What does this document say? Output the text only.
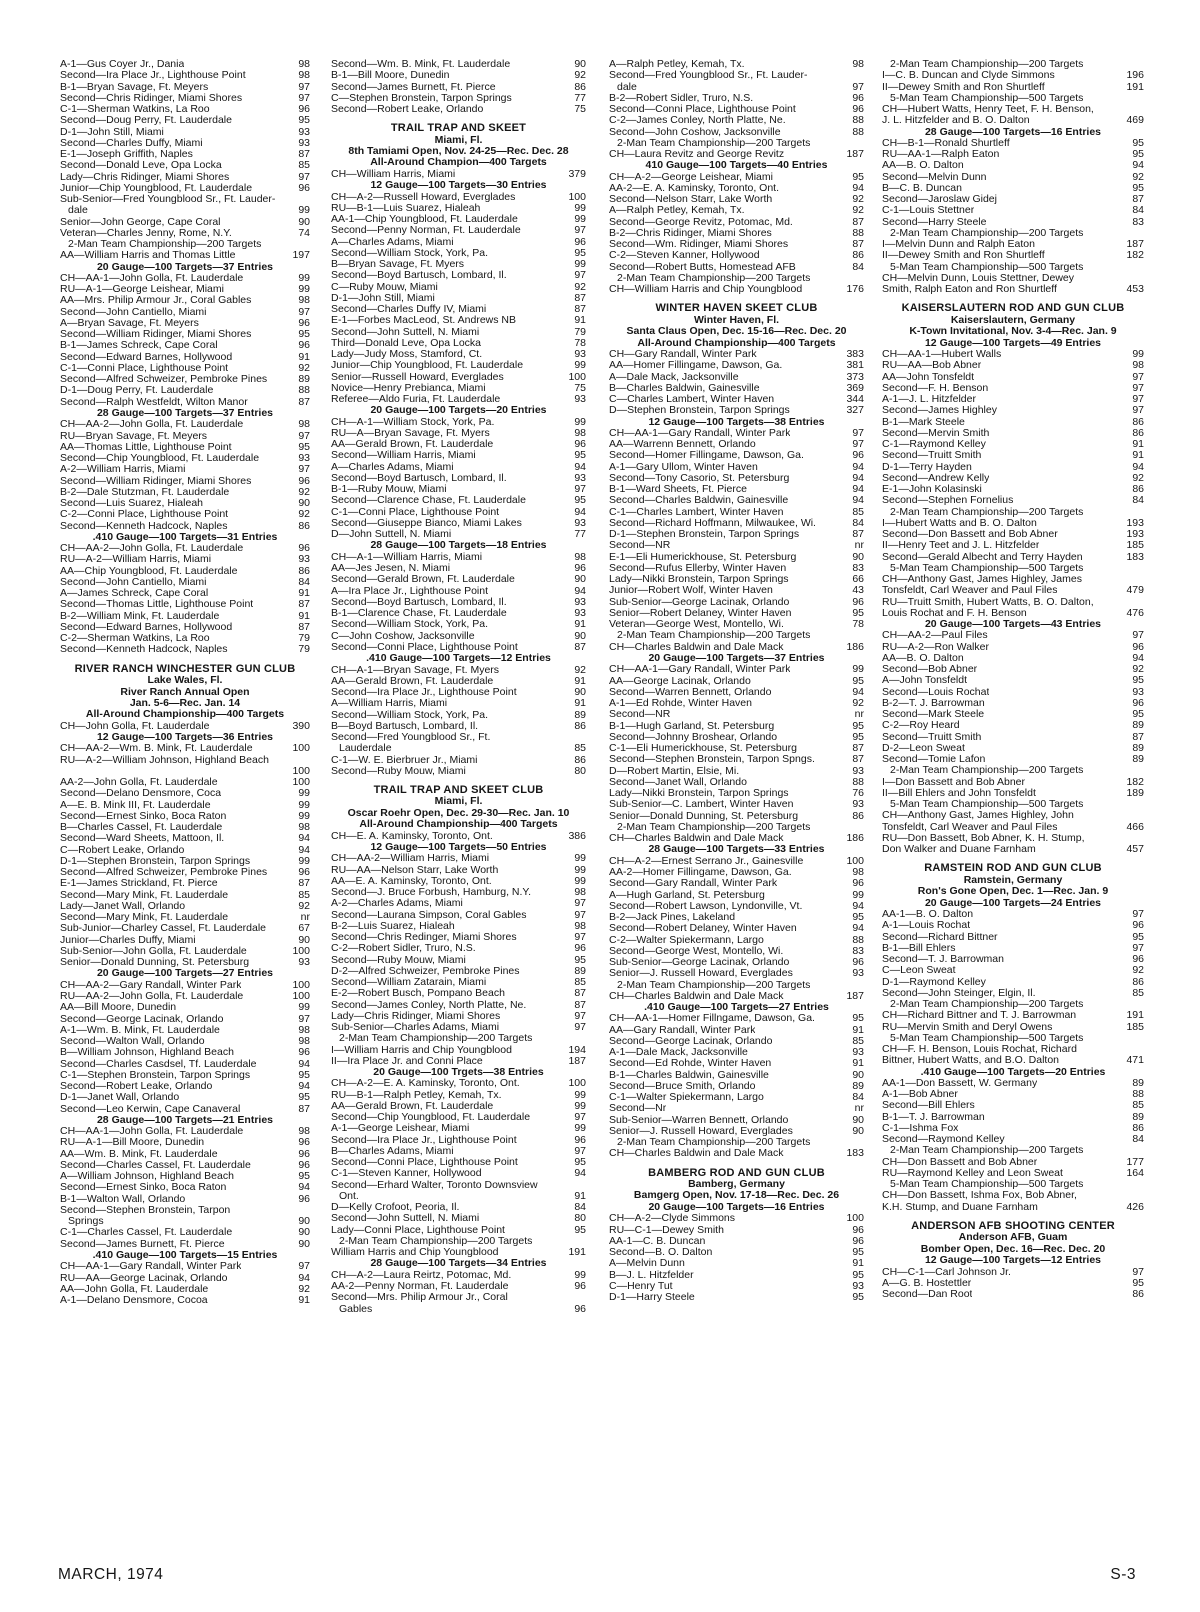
A-1—Gus Coyer Jr., Dania	98
Second—Ira Place Jr., Lighthouse Point	98
B-1—Bryan Savage, Ft. Meyers	97
Second—Chris Ridinger, Miami Shores	97
C-1—Sherman Watkins, La Roo	96
Second—Doug Perry, Ft. Lauderdale	95
D-1—John Still, Miami	93
Second—Charles Duffy, Miami	93
E-1—Joseph Griffith, Naples	87
Second—Donald Leve, Opa Locka	85
Lady—Chris Ridinger, Miami Shores	97
Junior—Chip Youngblood, Ft. Lauderdale	96
Sub-Senior—Fred Youngblood Sr., Ft. Lauder-
dale	99
Senior—John George, Cape Coral	90
Veteran—Charles Jenny, Rome, N.Y.	74
2-Man Team Championship—200 Targets
AA—William Harris and Thomas Little	197
20 Gauge—100 Targets—37 Entries
CH—AA-1—John Golla, Ft. Lauderdale	99
RU—A-1—George Leishear, Miami	99
AA—Mrs. Philip Armour Jr., Coral Gables	98
Second—John Cantiello, Miami	97
A—Bryan Savage, Ft. Meyers	96
Second—William Ridinger, Miami Shores	95
B-1—James Schreck, Cape Coral	96
Second—Edward Barnes, Hollywood	91
C-1—Conni Place, Lighthouse Point	92
Second—Alfred Schweizer, Pembroke Pines	89
D-1—Doug Perry, Ft. Lauderdale	88
Second—Ralph Westfeldt, Wilton Manor	87
28 Gauge—100 Targets—37 Entries
CH—AA-2—John Golla, Ft. Lauderdale	98
RU—Bryan Savage, Ft. Meyers	97
AA—Thomas Little, Lighthouse Point	95
Second—Chip Youngblood, Ft. Lauderdale	93
A-2—William Harris, Miami	97
Second—William Ridinger, Miami Shores	96
B-2—Dale Stutzman, Ft. Lauderdale	92
Second—Luis Suarez, Hialeah	90
C-2—Conni Place, Lighthouse Point	92
Second—Kenneth Hadcock, Naples	86
.410 Gauge—100 Targets—31 Entries
CH—AA-2—John Golla, Ft. Lauderdale	96
RU—A-2—William Harris, Miami	93
AA—Chip Youngblood, Ft. Lauderdale	86
Second—John Cantiello, Miami	84
A—James Schreck, Cape Coral	91
Second—Thomas Little, Lighthouse Point	87
B-2—William Mink, Ft. Lauderdale	91
Second—Edward Barnes, Hollywood	87
C-2—Sherman Watkins, La Roo	79
Second—Kenneth Hadcock, Naples	79
RIVER RANCH WINCHESTER GUN CLUB
Lake Wales, Fl.
River Ranch Annual Open
Jan. 5-6—Rec. Jan. 14
All-Around Championship—400 Targets
CH—John Golla, Ft. Lauderdale	390
12 Gauge—100 Targets—36 Entries
CH—AA-2—Wm. B. Mink, Ft. Lauderdale	100
RU—A-2—William Johnson, Highland Beach
100
AA-2—John Golla, Ft. Lauderdale	100
Second—Delano Densmore, Coca	99
A—E. B. Mink III, Ft. Lauderdale	99
Second—Ernest Sinko, Boca Raton	99
B—Charles Cassel, Ft. Lauderdale	98
Second—Ward Sheets, Mattoon, Il.	94
C—Robert Leake, Orlando	94
D-1—Stephen Bronstein, Tarpon Springs	99
Second—Alfred Schweizer, Pembroke Pines	96
E-1—James Strickland, Ft. Pierce	87
Second—Mary Mink, Ft. Lauderdale	85
Lady—Janet Wall, Orlando	92
Second—Mary Mink, Ft. Lauderdale	nr
Sub-Junior—Charley Cassel, Ft. Lauderdale	67
Junior—Charles Duffy, Miami	90
Sub-Senior—John Golla, Ft. Lauderdale	100
Senior—Donald Dunning, St. Petersburg	93
20 Gauge—100 Targets—27 Entries
CH—AA-2—Gary Randall, Winter Park	100
RU—AA-2—John Golla, Ft. Lauderdale	100
AA—Bill Moore, Dunedin	99
Second—George Lacinak, Orlando	97
A-1—Wm. B. Mink, Ft. Lauderdale	98
Second—Walton Wall, Orlando	98
B—William Johnson, Highland Beach	96
Second—Charles Casdsel, Tf. Lauderdale	94
C-1—Stephen Bronstein, Tarpon Springs	95
Second—Robert Leake, Orlando	94
D-1—Janet Wall, Orlando	95
Second—Leo Kerwin, Cape Canaveral	87
28 Gauge—100 Targets—21 Entries
CH—AA-1—John Golla, Ft. Lauderdale	98
RU—A-1—Bill Moore, Dunedin	96
AA—Wm. B. Mink, Ft. Lauderdale	96
Second—Charles Cassel, Ft. Lauderdale	96
A—William Johnson, Highland Beach	95
Second—Ernest Sinko, Boca Raton	94
B-1—Walton Wall, Orlando	96
Second—Stephen Bronstein, Tarpon
Springs	90
C-1—Charles Cassel, Ft. Lauderdale	90
Second—James Burnett, Ft. Pierce	90
.410 Gauge—100 Targets—15 Entries
CH—AA-1—Gary Randall, Winter Park	97
RU—AA—George Lacinak, Orlando	94
AA—John Golla, Ft. Lauderdale	92
A-1—Delano Densmore, Cocoa	91
Second—Wm. B. Mink, Ft. Lauderdale	90
B-1—Bill Moore, Dunedin	92
Second—James Burnett, Ft. Pierce	86
C—Stephen Bronstein, Tarpon Springs	77
Second—Robert Leake, Orlando	75
TRAIL TRAP AND SKEET
Miami, Fl.
8th Tamiami Open, Nov. 24-25—Rec. Dec. 28
All-Around Champion—400 Targets
CH—William Harris, Miami	379
12 Gauge—100 Targets—30 Entries
CH—A-2—Russell Howard, Everglades	100
RU—B-1—Luis Suarez, Hialeah	99
AA-1—Chip Youngblood, Ft. Lauderdale	99
Second—Penny Norman, Ft. Lauderdale	97
A—Charles Adams, Miami	96
Second—William Stock, York, Pa.	95
B—Bryan Savage, Ft. Myers	99
Second—Boyd Bartusch, Lombard, Il.	97
C—Ruby Mouw, Miami	92
D-1—John Still, Miami	87
Second—Charles Duffy IV, Miami	87
E-1—Forbes MacLeod, St. Andrews NB	91
Second—John Suttell, N. Miami	79
Third—Donald Leve, Opa Locka	78
Lady—Judy Moss, Stamford, Ct.	93
Junior—Chip Youngblood, Ft. Lauderdale	99
Senior—Russell Howard, Everglades	100
Novice—Henry Prebianca, Miami	75
Referee—Aldo Furia, Ft. Lauderdale	93
20 Gauge—100 Targets—20 Entries
CH—A-1—William Stock, York, Pa.	99
RU—A—Bryan Savage, Ft. Myers	98
AA—Gerald Brown, Ft. Lauderdale	96
Second—William Harris, Miami	95
A—Charles Adams, Miami	94
Second—Boyd Bartusch, Lombard, Il.	93
B-1—Ruby Mouw, Miami	97
Second—Clarence Chase, Ft. Lauderdale	95
C-1—Conni Place, Lighthouse Point	94
Second—Giuseppe Bianco, Miami Lakes	93
D—John Suttell, N. Miami	77
28 Gauge—100 Targets—18 Entries
CH—A-1—William Harris, Miami	98
AA—Jes Jesen, N. Miami	96
Second—Gerald Brown, Ft. Lauderdale	90
A—Ira Place Jr., Lighthouse Point	94
Second—Boyd Bartusch, Lombard, Il.	93
B-1—Clarence Chase, Ft. Lauderdale	93
Second—William Stock, York, Pa.	91
C—John Coshow, Jacksonville	90
Second—Conni Place, Lighthouse Point	87
.410 Gauge—100 Targets—12 Entries
CH—A-1—Bryan Savage, Ft. Myers	92
AA—Gerald Brown, Ft. Lauderdale	91
Second—Ira Place Jr., Lighthouse Point	90
A—William Harris, Miami	91
Second—William Stock, York, Pa.	89
B—Boyd Bartusch, Lombard, Il.	86
Second—Fred Youngblood Sr., Ft.
Lauderdale	85
C-1—W. E. Bierbruer Jr., Miami	86
Second—Ruby Mouw, Miami	80
TRAIL TRAP AND SKEET CLUB
Miami, Fl.
Oscar Roehr Open, Dec. 29-30—Rec. Jan. 10
All-Around Championship—400 Targets
CH—E. A. Kaminsky, Toronto, Ont.	386
12 Gauge—100 Targets—50 Entries
CH—AA-2—William Harris, Miami	99
RU—AA—Nelson Starr, Lake Worth	99
AA—E. A. Kaminsky, Toronto, Ont.	99
Second—J. Bruce Forbush, Hamburg, N.Y.	98
A-2—Charles Adams, Miami	97
Second—Laurana Simpson, Coral Gables	97
B-2—Luis Suarez, Hialeah	98
Second—Chris Redinger, Miami Shores	97
C-2—Robert Sidler, Truro, N.S.	96
Second—Ruby Mouw, Miami	95
D-2—Alfred Schweizer, Pembroke Pines	89
Second—William Zatarain, Miami	85
E-2—Robert Busch, Pompano Beach	87
Second—James Conley, North Platte, Ne.	87
Lady—Chris Ridinger, Miami Shores	97
Sub-Senior—Charles Adams, Miami	97
2-Man Team Championship—200 Targets
I—William Harris and Chip Youngblood	194
II—Ira Place Jr. and Conni Place	187
20 Gauge—100 Trgets—38 Entries
CH—A-2—E. A. Kaminsky, Toronto, Ont.	100
RU—B-1—Ralph Petley, Kemah, Tx.	99
AA—Gerald Brown, Ft. Lauderdale	99
Second—Chip Youngblood, Ft. Lauderdale	97
A-1—George Leishear, Miami	99
Second—Ira Place Jr., Lighthouse Point	96
B—Charles Adams, Miami	97
Second—Conni Place, Lighthouse Point	95
C-1—Steven Kanner, Hollywood	94
Second—Erhard Walter, Toronto Downsview
Ont.	91
D—Kelly Crofoot, Peoria, Il.	84
Second—John Suttell, N. Miami	80
Lady—Conni Place, Lighthouse Point	95
2-Man Team Championship—200 Targets
William Harris and Chip Youngblood	191
28 Gauge—100 Targets—34 Entries
CH—A-2—Laura Reirtz, Potomac, Md.	99
AA-2—Penny Norman, Ft. Lauderdale	96
Second—Mrs. Philip Armour Jr., Coral
Gables	96
A—Ralph Petley, Kemah, Tx.	98
Second—Fred Youngblood Sr., Ft. Lauder-
dale	97
B-2—Robert Sidler, Truro, N.S.	96
Second—Conni Place, Lighthouse Point	96
C-2—James Conley, North Platte, Ne.	88
Second—John Coshow, Jacksonville	88
2-Man Team Championship—200 Targets
CH—Laura Revitz and George Revitz	187
410 Gauge—100 Targets—40 Entries
CH—A-2—George Leishear, Miami	95
AA-2—E. A. Kaminsky, Toronto, Ont.	94
Second—Nelson Starr, Lake Worth	92
A—Ralph Petley, Kemah, Tx.	92
Second—George Revitz, Potomac, Md.	87
B-2—Chris Ridinger, Miami Shores	88
Second—Wm. Ridinger, Miami Shores	87
C-2—Steven Kanner, Hollywood	86
Second—Robert Butts, Homestead AFB	84
2-Man Team Championship—200 Targets
CH—William Harris and Chip Youngblood	176
WINTER HAVEN SKEET CLUB
Winter Haven, Fl.
Santa Claus Open, Dec. 15-16—Rec. Dec. 20
All-Around Championship—400 Targets
CH—Gary Randall, Winter Park	383
AA—Homer Fillingame, Dawson, Ga.	381
A—Dale Mack, Jacksonville	373
B—Charles Baldwin, Gainesville	369
C—Charles Lambert, Winter Haven	344
D—Stephen Bronstein, Tarpon Springs	327
12 Gauge—100 Targets—38 Entries
CH—AA-1—Gary Randall, Winter Park	97
AA—Warrenn Bennett, Orlando	97
Second—Homer Fillingame, Dawson, Ga.	96
A-1—Gary Ullom, Winter Haven	94
Second—Tony Casorio, St. Petersburg	94
B-1—Ward Sheets, Ft. Pierce	94
Second—Charles Baldwin, Gainesville	94
C-1—Charles Lambert, Winter Haven	85
Second—Richard Hoffmann, Milwaukee, Wi.	84
D-1—Stephen Bronstein, Tarpon Springs	87
Second—NR	nr
E-1—Eli Humerickhouse, St. Petersburg	90
Second—Rufus Ellerby, Winter Haven	83
Lady—Nikki Bronstein, Tarpon Springs	66
Junior—Robert Wolf, Winter Haven	43
Sub-Senior—George Lacinak, Orlando	96
Senior—Robert Delaney, Winter Haven	95
Veteran—George West, Montello, Wi.	78
2-Man Team Championship—200 Targets
CH—Charles Baldwin and Dale Mack	186
20 Gauge—100 Targets—37 Entries
CH—AA-1—Gary Randall, Winter Park	99
AA—George Lacinak, Orlando	95
Second—Warren Bennett, Orlando	94
A-1—Ed Rohde, Winter Haven	92
Second—NR	nr
B-1—Hugh Garland, St. Petersburg	95
Second—Johnny Broshear, Orlando	95
C-1—Eli Humerickhouse, St. Petersburg	87
Second—Stephen Bronstein, Tarpon Spngs.	87
D—Robert Martin, Elsie, Mi.	93
Second—Janet Wall, Orlando	88
Lady—Nikki Bronstein, Tarpon Springs	76
Sub-Senior—C. Lambert, Winter Haven	93
Senior—Donald Dunning, St. Petersburg	86
2-Man Team Championship—200 Targets
CH—Charles Baldwin and Dale Mack	186
28 Gauge—100 Targets—33 Entries
CH—A-2—Ernest Serrano Jr., Gainesville	100
AA-2—Homer Fillingame, Dawson, Ga.	98
Second—Gary Randall, Winter Park	96
A—Hugh Garland, St. Petersburg	99
Second—Robert Lawson, Lyndonville, Vt.	94
B-2—Jack Pines, Lakeland	95
Second—Robert Delaney, Winter Haven	94
C-2—Walter Spiekermann, Largo	88
Second—George West, Montello, Wi.	83
Sub-Senior—George Lacinak, Orlando	96
Senior—J. Russell Howard, Everglades	93
2-Man Team Championship—200 Targets
CH—Charles Baldwin and Dale Mack	187
.410 Gauge—100 Targets—27 Entries
CH—AA-1—Homer Fillngame, Dawson, Ga.	95
AA—Gary Randall, Winter Park	91
Second—George Lacinak, Orlando	85
A-1—Dale Mack, Jacksonville	93
Second—Ed Rohde, Winter Haven	91
B-1—Charles Baldwin, Gainesville	90
Second—Bruce Smith, Orlando	89
C-1—Walter Spiekermann, Largo	84
Second—Nr	nr
Sub-Senior—Warren Bennett, Orlando	90
Senior—J. Russell Howard, Everglades	90
2-Man Team Championship—200 Targets
CH—Charles Baldwin and Dale Mack	183
BAMBERG ROD AND GUN CLUB
Bamberg, Germany
Bamgerg Open, Nov. 17-18—Rec. Dec. 26
20 Gauge—100 Targets—16 Entries
CH—A-2—Clyde Simmons	100
RU—C-1—Dewey Smith	96
AA-1—C. B. Duncan	96
Second—B. O. Dalton	95
A—Melvin Dunn	91
B—J. L. Hitzfelder	95
C—Henry Tut	93
D-1—Harry Steele	95
2-Man Team Championship—200 Targets
I—C. B. Duncan and Clyde Simmons	196
II—Dewey Smith and Ron Shurtleff	191
5-Man Team Championship—500 Targets
CH—Hubert Watts, Henry Teet, F. H. Benson,
J. L. Hitzfelder and B. O. Dalton	469
28 Gauge—100 Targets—16 Entries
CH—B-1—Ronald Shurtleff	95
RU—AA-1—Ralph Eaton	95
AA—B. O. Dalton	94
Second—Melvin Dunn	92
B—C. B. Duncan	95
Second—Jaroslaw Gidej	87
C-1—Louis Stettner	84
Second—Harry Steele	83
2-Man Team Championship—200 Targets
I—Melvin Dunn and Ralph Eaton	187
II—Dewey Smith and Ron Shurtleff	182
5-Man Team Championship—500 Targets
CH—Melvin Dunn, Louis Stettner, Dewey
Smith, Ralph Eaton and Ron Shurtleff	453
KAISERSLAUTERN ROD AND GUN CLUB
Kaiserslautern, Germany
K-Town Invitational, Nov. 3-4—Rec. Jan. 9
12 Gauge—100 Targets—49 Entries
CH—AA-1—Hubert Walls	99
RU—AA—Bob Abner	98
AA—John Tonsfeldt	97
Second—F. H. Benson	97
A-1—J. L. Hitzfelder	97
Second—James Highley	97
B-1—Mark Steele	86
Second—Mervin Smith	86
C-1—Raymond Kelley	91
Second—Truitt Smith	91
D-1—Terry Hayden	94
Second—Andrew Kelly	92
E-1—John Kolasinski	86
Second—Stephen Fornelius	84
2-Man Team Championship—200 Targets
I—Hubert Watts and B. O. Dalton	193
Second—Don Bassett and Bob Abner	193
II—Henry Teet and J. L. Hitzfelder	185
Second—Gerald Albecht and Terry Hayden	183
5-Man Team Championship—500 Targets
CH—Anthony Gast, James Highley, James
Tonsfeldt, Carl Weaver and Paul Files	479
RU—Truitt Smith, Hubert Watts, B. O. Dalton,
Louis Rochat and F. H. Benson	476
20 Gauge—100 Targets—43 Entries
CH—AA-2—Paul Files	97
RU—A-2—Ron Walker	96
AA—B. O. Dalton	94
Second—Bob Abner	92
A—John Tonsfeldt	95
Second—Louis Rochat	93
B-2—T. J. Barrowman	96
Second—Mark Steele	95
C-2—Roy Heard	89
Second—Truitt Smith	87
D-2—Leon Sweat	89
Second—Tomie Lafon	89
2-Man Team Championship—200 Targets
I—Don Bassett and Bob Abner	182
II—Bill Ehlers and John Tonsfeldt	189
5-Man Team Championship—500 Targets
CH—Anthony Gast, James Highley, John
Tonsfeldt, Carl Weaver and Paul Files	466
RU—Don Bassett, Bob Abner, K. H. Stump,
Don Walker and Duane Farnham	457
RAMSTEIN ROD AND GUN CLUB
Ramstein, Germany
Ron's Gone Open, Dec. 1—Rec. Jan. 9
20 Gauge—100 Targets—24 Entries
AA-1—B. O. Dalton	97
A-1—Louis Rochat	96
Second—Richard Bittner	95
B-1—Bill Ehlers	97
Second—T. J. Barrowman	96
C—Leon Sweat	92
D-1—Raymond Kelley	86
Second—John Steinger, Elgin, Il.	85
2-Man Team Championship—200 Targets
CH—Richard Bittner and T. J. Barrowman	191
RU—Mervin Smith and Deryl Owens	185
5-Man Team Championship—500 Targets
CH—F. H. Benson, Louis Rochat, Richard
Bittner, Hubert Watts, and B.O. Dalton	471
.410 Gauge—100 Targets—20 Entries
AA-1—Don Bassett, W. Germany	89
A-1—Bob Abner	88
Second—Bill Ehlers	85
B-1—T. J. Barrowman	89
C-1—Ishma Fox	86
Second—Raymond Kelley	84
2-Man Team Championship—200 Targets
CH—Don Bassett and Bob Abner	177
RU—Raymond Kelley and Leon Sweat	164
5-Man Team Championship—500 Targets
CH—Don Bassett, Ishma Fox, Bob Abner,
K.H. Stump, and Duane Farnham	426
ANDERSON AFB SHOOTING CENTER
Anderson AFB, Guam
Bomber Open, Dec. 16—Rec. Dec. 20
12 Gauge—100 Targets—12 Entries
CH—C-1—Carl Johnson Jr.	97
A—G. B. Hostettler	95
Second—Dan Root	86
MARCH, 1974	S-3
